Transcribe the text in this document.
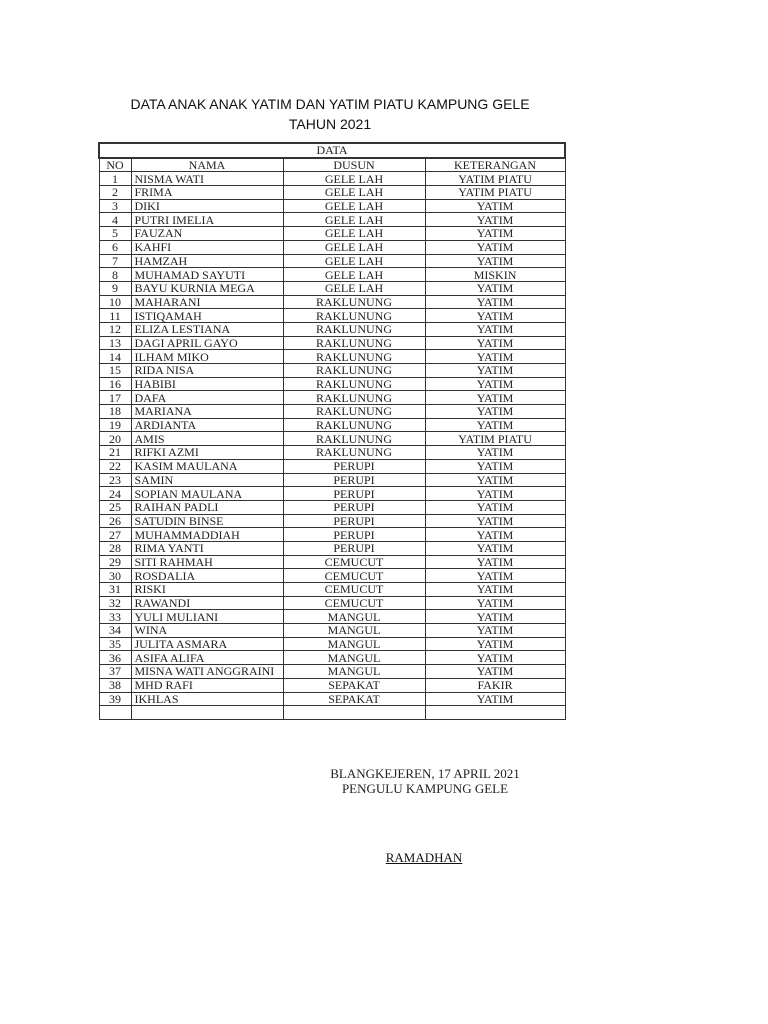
DATA ANAK ANAK YATIM DAN YATIM PIATU KAMPUNG GELE
TAHUN 2021
DATA			
NO	NAMA	DUSUN	KETERANGAN
1	NISMA WATI	GELE LAH	YATIM PIATU
2	FRIMA	GELE LAH	YATIM PIATU
3	DIKI	GELE LAH	YATIM
4	PUTRI IMELIA	GELE LAH	YATIM
5	FAUZAN	GELE LAH	YATIM
6	KAHFI	GELE LAH	YATIM
7	HAMZAH	GELE LAH	YATIM
8	MUHAMAD SAYUTI	GELE LAH	MISKIN
9	BAYU KURNIA MEGA	GELE LAH	YATIM
10	MAHARANI	RAKLUNUNG	YATIM
11	ISTIQAMAH	RAKLUNUNG	YATIM
12	ELIZA LESTIANA	RAKLUNUNG	YATIM
13	DAGI APRIL GAYO	RAKLUNUNG	YATIM
14	ILHAM MIKO	RAKLUNUNG	YATIM
15	RIDA NISA	RAKLUNUNG	YATIM
16	HABIBI	RAKLUNUNG	YATIM
17	DAFA	RAKLUNUNG	YATIM
18	MARIANA	RAKLUNUNG	YATIM
19	ARDIANTA	RAKLUNUNG	YATIM
20	AMIS	RAKLUNUNG	YATIM PIATU
21	RIFKI AZMI	RAKLUNUNG	YATIM
22	KASIM MAULANA	PERUPI	YATIM
23	SAMIN	PERUPI	YATIM
24	SOPIAN MAULANA	PERUPI	YATIM
25	RAIHAN PADLI	PERUPI	YATIM
26	SATUDIN BINSE	PERUPI	YATIM
27	MUHAMMADDIAH	PERUPI	YATIM
28	RIMA YANTI	PERUPI	YATIM
29	SITI RAHMAH	CEMUCUT	YATIM
30	ROSDALIA	CEMUCUT	YATIM
31	RISKI	CEMUCUT	YATIM
32	RAWANDI	CEMUCUT	YATIM
33	YULI MULIANI	MANGUL	YATIM
34	WINA	MANGUL	YATIM
35	JULITA ASMARA	MANGUL	YATIM
36	ASIFA ALIFA	MANGUL	YATIM
37	MISNA WATI ANGGRAINI	MANGUL	YATIM
38	MHD RAFI	SEPAKAT	FAKIR
39	IKHLAS	SEPAKAT	YATIM

BLANGKEJEREN, 17 APRIL 2021
PENGULU KAMPUNG GELE
RAMADHAN
